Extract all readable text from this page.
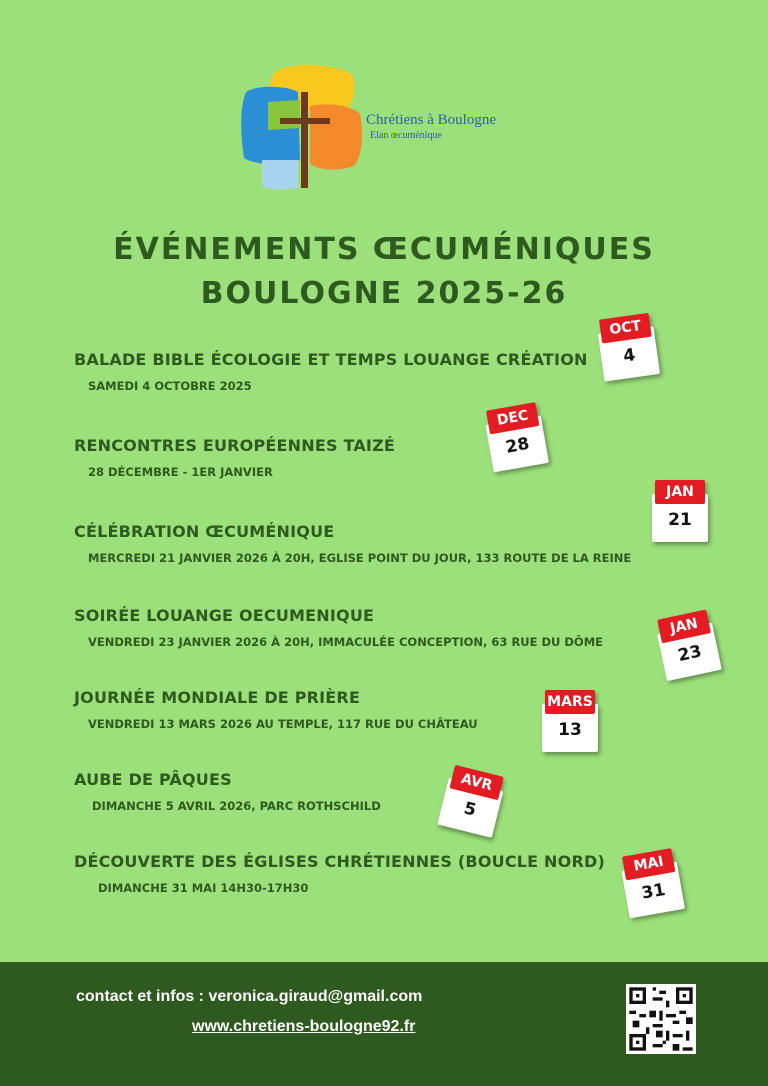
Chrétiens à Boulogne
Elan œcuménique
ÉVÉNEMENTS ŒCUMÉNIQUES
BOULOGNE 2025-26
BALADE BIBLE ÉCOLOGIE ET TEMPS LOUANGE CRÉATION
SAMEDI 4 OCTOBRE 2025
RENCONTRES EUROPÉENNES TAIZÉ
28 DÉCEMBRE - 1ER JANVIER
CÉLÉBRATION ŒCUMÉNIQUE
MERCREDI 21 JANVIER 2026 À 20H, EGLISE POINT DU JOUR, 133 ROUTE DE LA REINE
SOIRÉE LOUANGE OECUMENIQUE
VENDREDI 23 JANVIER 2026 À 20H, IMMACULÉE CONCEPTION, 63 RUE DU DÔME
JOURNÉE MONDIALE DE PRIÈRE
VENDREDI 13 MARS 2026 AU TEMPLE, 117 RUE DU CHÂTEAU
AUBE DE PÂQUES
DIMANCHE 5 AVRIL 2026, PARC ROTHSCHILD
DÉCOUVERTE DES ÉGLISES CHRÉTIENNES (BOUCLE NORD)
DIMANCHE 31 MAI 14H30-17H30
OCT
4
DEC
28
JAN
21
JAN
23
MARS
13
AVR
5
MAI
31
contact et infos : veronica.giraud@gmail.com
www.chretiens-boulogne92.fr
